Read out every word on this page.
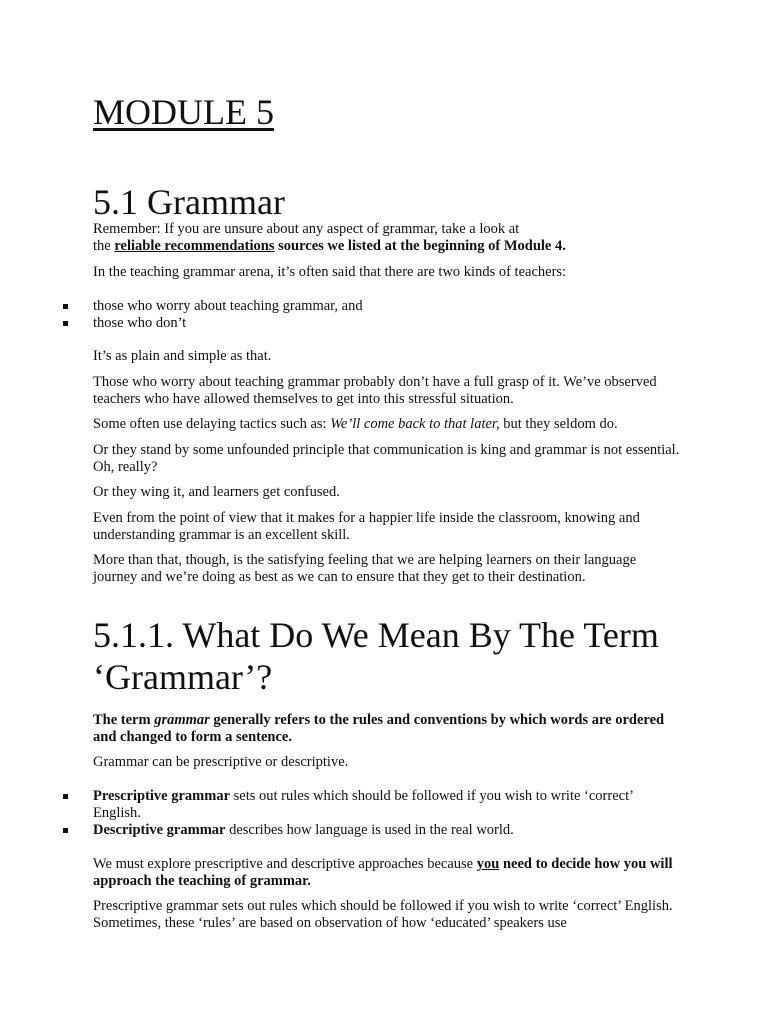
MODULE 5
5.1 Grammar

Remember: If you are unsure about any aspect of grammar, take a look at
the reliable recommendations sources we listed at the beginning of Module 4.

In the teaching grammar arena, it’s often said that there are two kinds of teachers:

those who worry about teaching grammar, and
those who don’t

It’s as plain and simple as that.

Those who worry about teaching grammar probably don’t have a full grasp of it. We’ve observed teachers who have allowed themselves to get into this stressful situation.

Some often use delaying tactics such as: We’ll come back to that later, but they seldom do.

Or they stand by some unfounded principle that communication is king and grammar is not essential. Oh, really?

Or they wing it, and learners get confused.

Even from the point of view that it makes for a happier life inside the classroom, knowing and understanding grammar is an excellent skill.

More than that, though, is the satisfying feeling that we are helping learners on their language journey and we’re doing as best as we can to ensure that they get to their destination.

5.1.1. What Do We Mean By The Term ‘Grammar’?

The term grammar generally refers to the rules and conventions by which words are ordered and changed to form a sentence.

Grammar can be prescriptive or descriptive.

Prescriptive grammar sets out rules which should be followed if you wish to write ‘correct’ English.
Descriptive grammar describes how language is used in the real world.

We must explore prescriptive and descriptive approaches because you need to decide how you will approach the teaching of grammar.

Prescriptive grammar sets out rules which should be followed if you wish to write ‘correct’ English. Sometimes, these ‘rules’ are based on observation of how ‘educated’ speakers use
